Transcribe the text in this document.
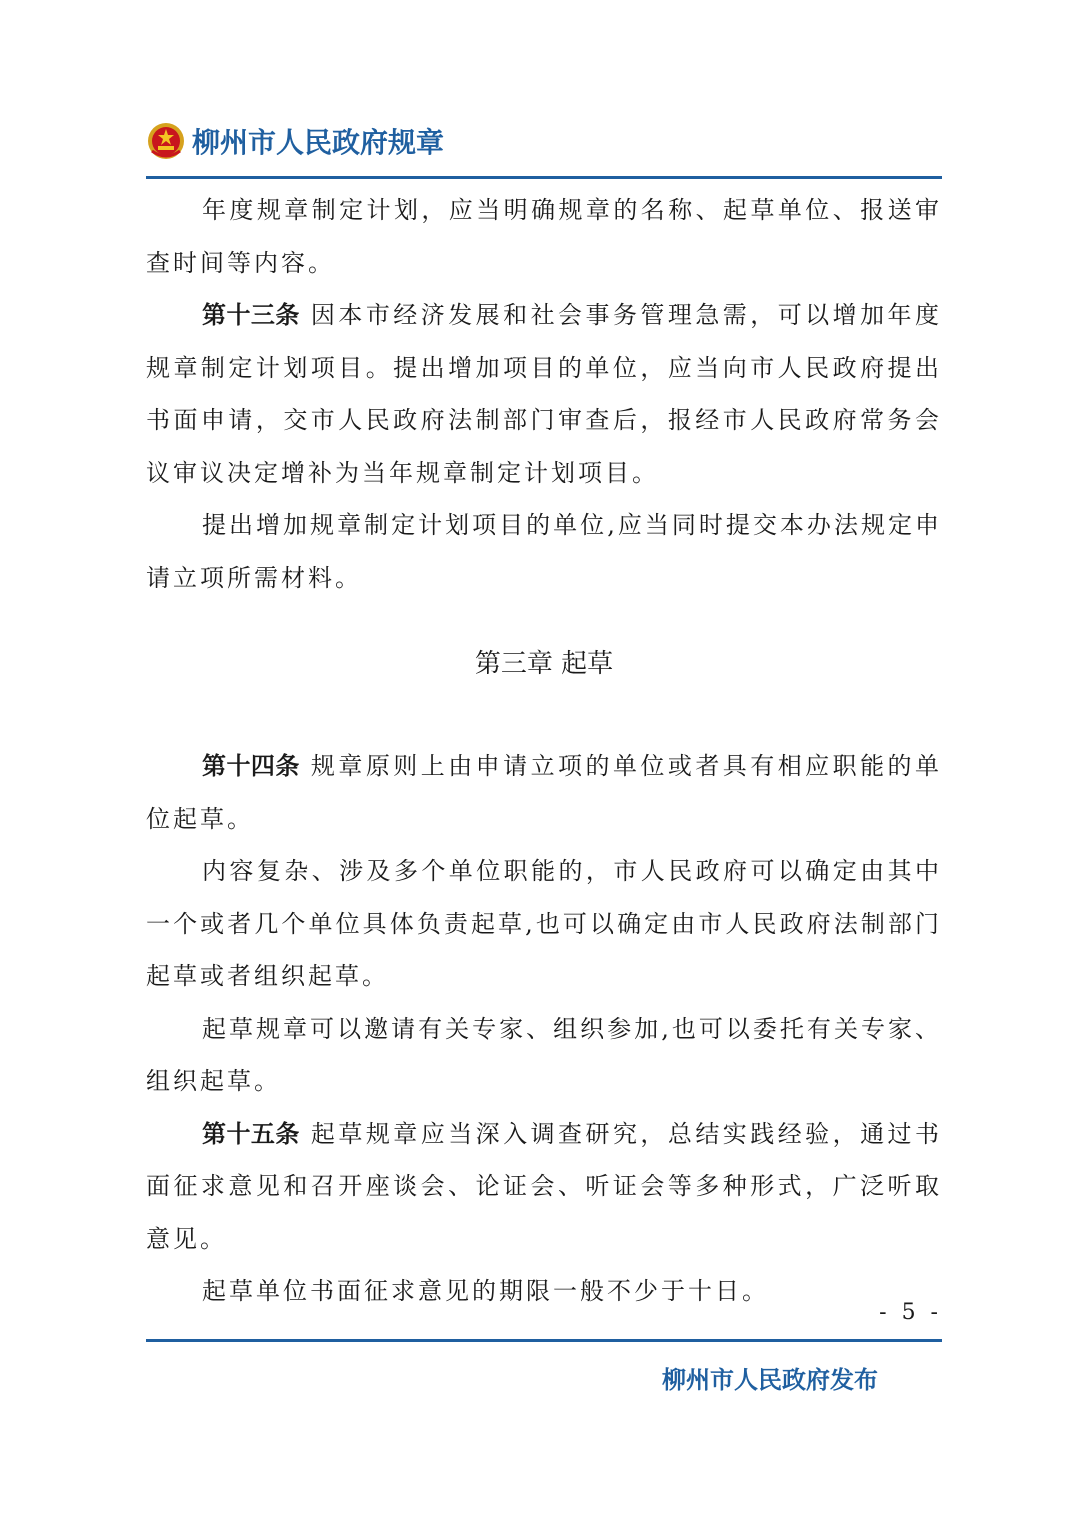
柳州市人民政府规章

年度规章制定计划，应当明确规章的名称、起草单位、报送审查时间等内容。

第十三条 因本市经济发展和社会事务管理急需，可以增加年度规章制定计划项目。提出增加项目的单位，应当向市人民政府提出书面申请，交市人民政府法制部门审查后，报经市人民政府常务会议审议决定增补为当年规章制定计划项目。

提出增加规章制定计划项目的单位,应当同时提交本办法规定申请立项所需材料。

第三章 起草

第十四条 规章原则上由申请立项的单位或者具有相应职能的单位起草。

内容复杂、涉及多个单位职能的，市人民政府可以确定由其中一个或者几个单位具体负责起草,也可以确定由市人民政府法制部门起草或者组织起草。

起草规章可以邀请有关专家、组织参加,也可以委托有关专家、组织起草。

第十五条 起草规章应当深入调查研究，总结实践经验，通过书面征求意见和召开座谈会、论证会、听证会等多种形式，广泛听取意见。

起草单位书面征求意见的期限一般不少于十日。

- 5 -
柳州市人民政府发布
